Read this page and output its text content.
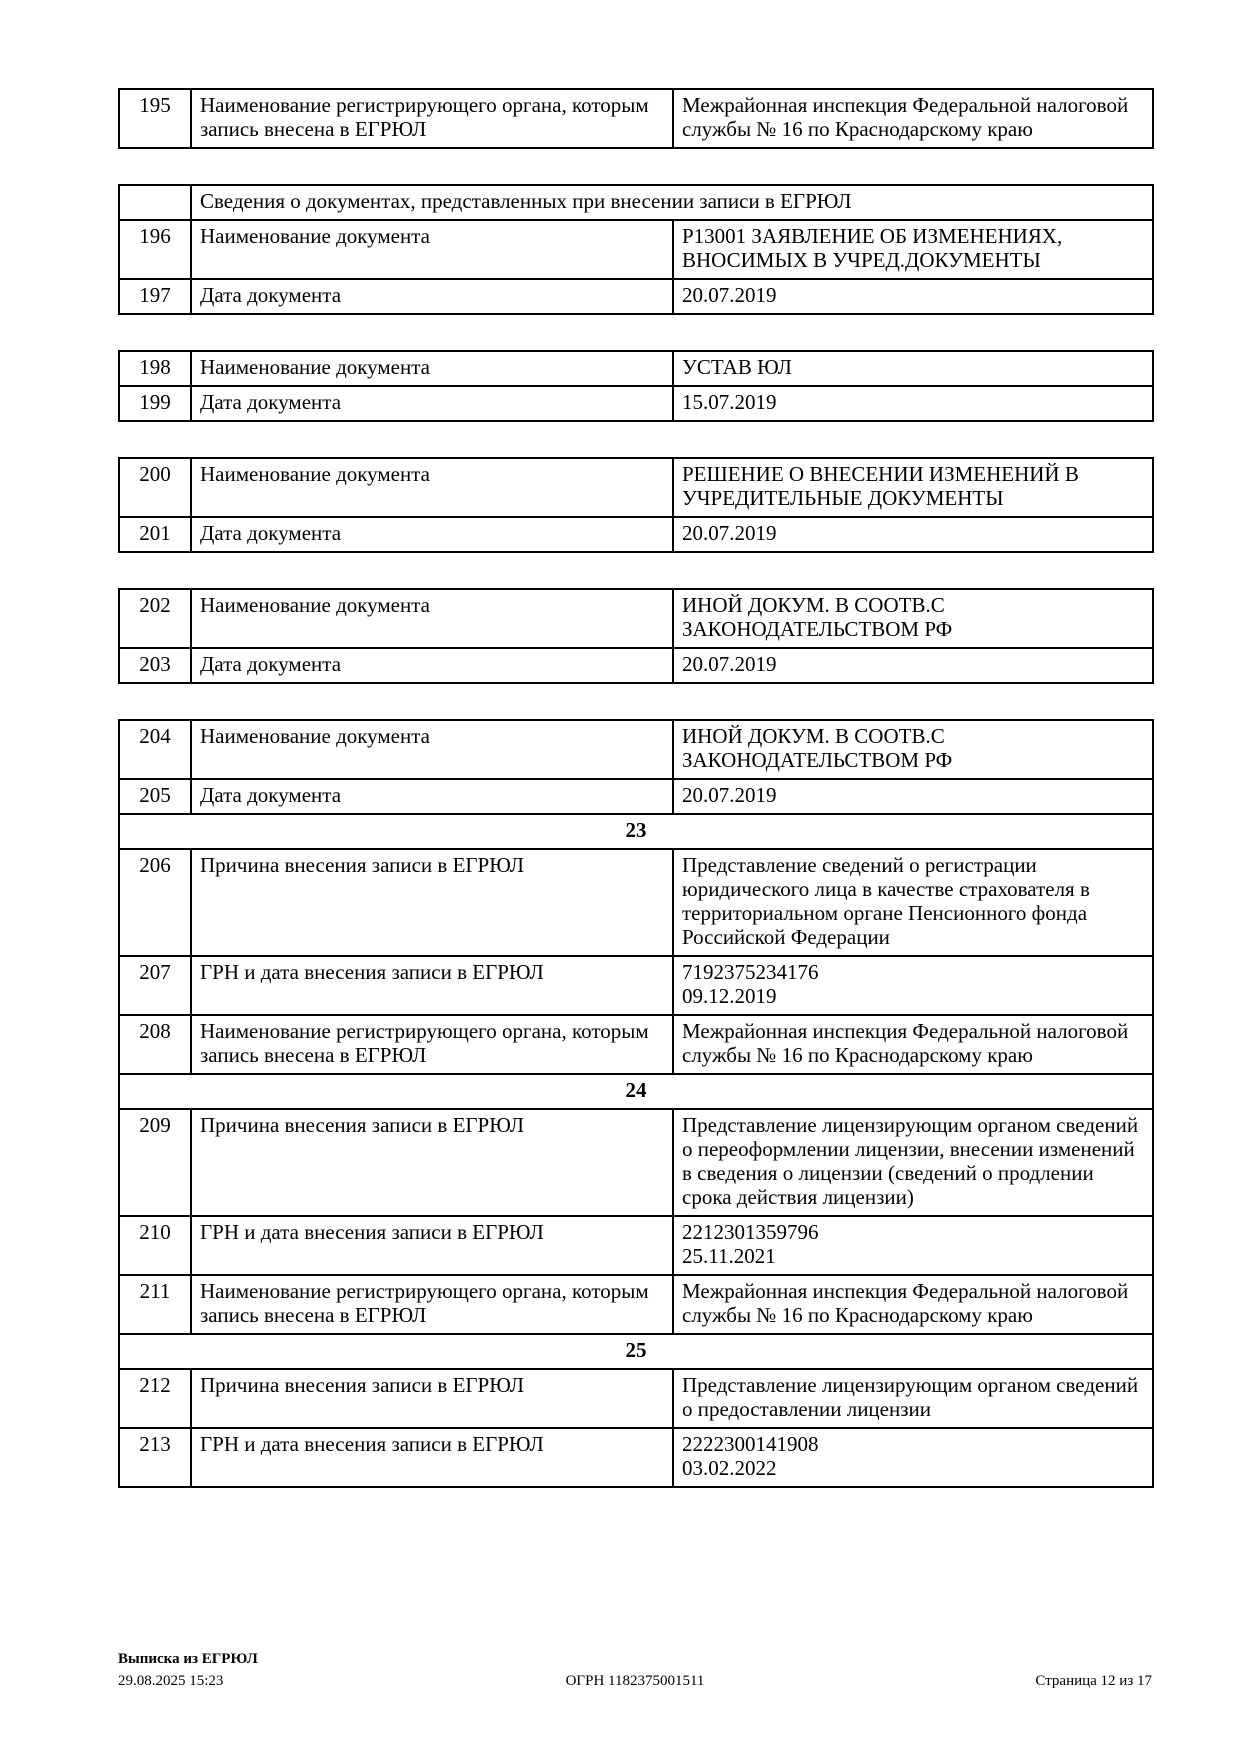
195	Наименование регистрирующего органа, которым запись внесена в ЕГРЮЛ	Межрайонная инспекция Федеральной налоговой службы № 16 по Краснодарскому краю
	Сведения о документах, представленных при внесении записи в ЕГРЮЛ	
196	Наименование документа	Р13001 ЗАЯВЛЕНИЕ ОБ ИЗМЕНЕНИЯХ, ВНОСИМЫХ В УЧРЕД.ДОКУМЕНТЫ
197	Дата документа	20.07.2019
198	Наименование документа	УСТАВ ЮЛ
199	Дата документа	15.07.2019
200	Наименование документа	РЕШЕНИЕ О ВНЕСЕНИИ ИЗМЕНЕНИЙ В УЧРЕДИТЕЛЬНЫЕ ДОКУМЕНТЫ
201	Дата документа	20.07.2019
202	Наименование документа	ИНОЙ ДОКУМ. В СООТВ.С ЗАКОНОДАТЕЛЬСТВОМ РФ
203	Дата документа	20.07.2019
204	Наименование документа	ИНОЙ ДОКУМ. В СООТВ.С ЗАКОНОДАТЕЛЬСТВОМ РФ
205	Дата документа	20.07.2019
23		
206	Причина внесения записи в ЕГРЮЛ	Представление сведений о регистрации юридического лица в качестве страхователя в территориальном органе Пенсионного фонда Российской Федерации
207	ГРН и дата внесения записи в ЕГРЮЛ	7192375234176
09.12.2019
208	Наименование регистрирующего органа, которым запись внесена в ЕГРЮЛ	Межрайонная инспекция Федеральной налоговой службы № 16 по Краснодарскому краю
24		
209	Причина внесения записи в ЕГРЮЛ	Представление лицензирующим органом сведений о переоформлении лицензии, внесении изменений в сведения о лицензии (сведений о продлении срока действия лицензии)
210	ГРН и дата внесения записи в ЕГРЮЛ	2212301359796
25.11.2021
211	Наименование регистрирующего органа, которым запись внесена в ЕГРЮЛ	Межрайонная инспекция Федеральной налоговой службы № 16 по Краснодарскому краю
25		
212	Причина внесения записи в ЕГРЮЛ	Представление лицензирующим органом сведений о предоставлении лицензии
213	ГРН и дата внесения записи в ЕГРЮЛ	2222300141908
03.02.2022
Выписка из ЕГРЮЛ
29.08.2025 15:23	ОГРН 1182375001511	Страница 12 из 17
